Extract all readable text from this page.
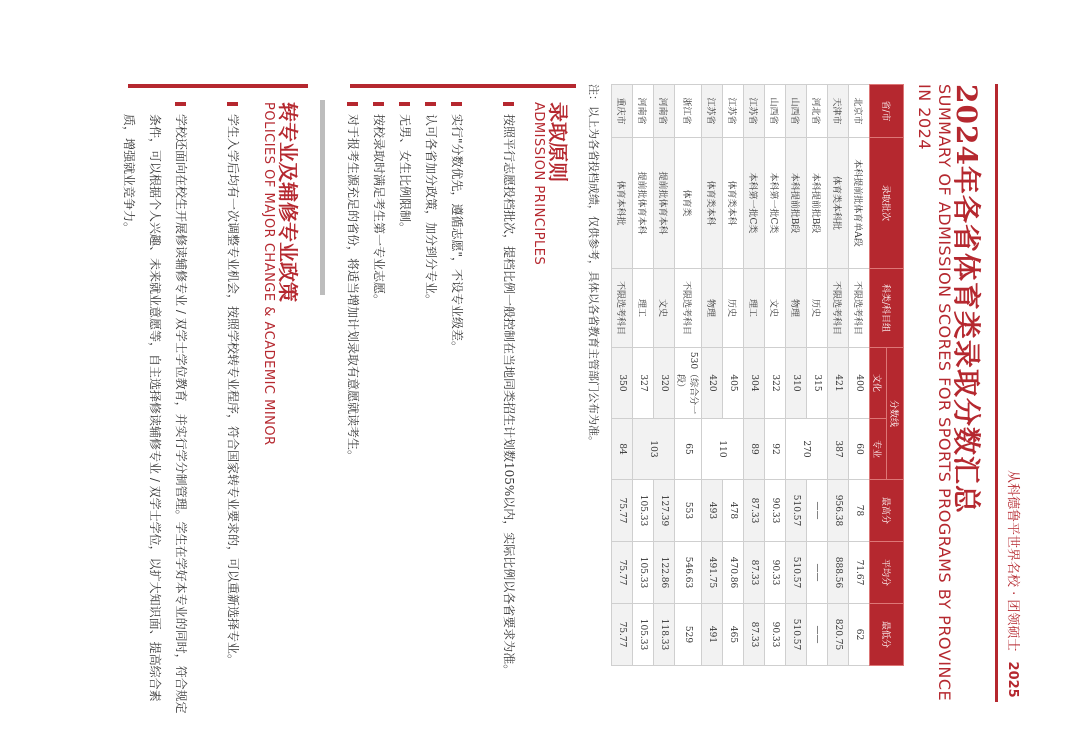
从科德鲁平世界名校 · 团领硕士 2025
2024年各省体育类录取分数汇总
SUMMARY OF ADMISSION SCORES FOR SPORTS PROGRAMS BY PROVINCE IN 2024
省/市	录取批次	科类/科目组	分数线		最高分	平均分	最低分
			文化	专业			
北京市	本科提前批体育单A段	不限选考科目	400	60	78	71.67	62
天津市	体育类本科批	不限选考科目	421	387	956.38	888.56	820.75
河北省	本科提前批B段	历史	315	270	——	——	——
山西省	本科提前批B段	物理	310		510.57	510.57	510.57
山西省	本科第一批C类	文史	322	92	90.33	90.33	90.33
江苏省	本科第一批C类	理工	304	89	87.33	87.33	87.33
江苏省	体育类本科	历史	405	110	478	470.86	465
江苏省	体育类本科	物理	420		493	491.75	491
浙江省	体育类	不限选考科目	530（综合分一段）	65	553	546.63	529
河南省	提前批体育本科	文史	320	103	127.39	122.86	118.33
河南省	提前批体育本科	理工	327		105.33	105.33	105.33
重庆市	体育本科批	不限选考科目	350	84	75.77	75.77	75.77
注：以上为各省投档成绩，仅供参考，具体以各省教育主管部门公布为准。
录取原则
ADMISSION PRINCIPLES
按照平行志愿投档批次，提档比例一般控制在当地同类招生计划数105%以内，实际比例以各省要求为准。
实行"分数优先，遵循志愿"，不设专业级差。
认可各省加分政策，加分到分专业。
无男、女生比例限制。
按校录取时满足考生第一专业志愿。
对于报考生源充足的省份，将适当增加计划录取有意愿就读考生。
转专业及辅修专业政策
POLICIES OF MAJOR CHANGE & ACADEMIC MINOR
学生入学后均有一次调整专业机会，按照学校转专业程序，符合国家转专业要求的，可以重新选择专业。
学校还面向在校生开展修读辅修专业 / 双学士学位教育，并实行学分制管理。学生在学好本专业的同时，符合规定条件，可以根据个人兴趣、未来就业意愿等，自主选择修读辅修专业 / 双学士学位，以扩大知识面、提高综合素质，增强就业竞争力。
